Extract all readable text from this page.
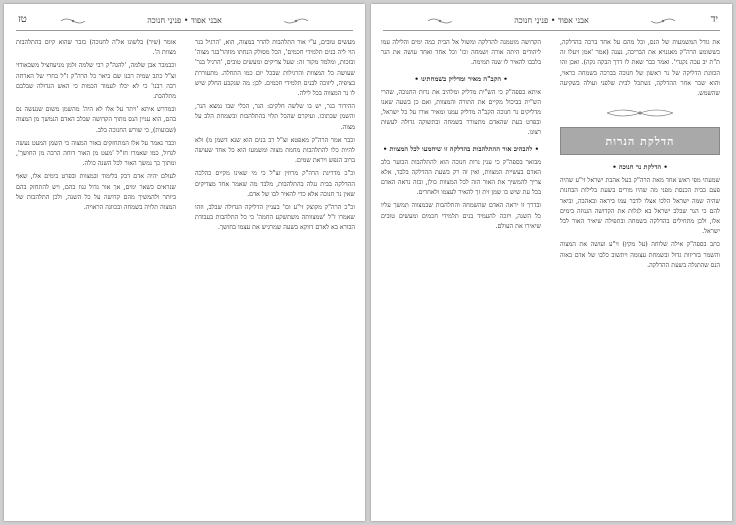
טז	אבני אפוד • פנינֵי חנוכה

מעשים טובים, ע"י אור התלהבות להדר במצוה, הוא, 'הרגיל בנר הוי ליה בנים תלמידי חכמים', הכל מסולק הנחתו מזוהר'בגר מצוה' ובזכות, ומלמד מקור זה: שעל צדיקים ומעשים טובים, 'הרגיל בנר' שעושה כל המצוות והרגילות שבכל יום כמו התחלה. מתעוררת בציפיה, ליזוכה לבנים תלמידי חכמים. לכן: מה שנקבע החלק שיש לו נר המצווה בכל לילה.

ההידור בנר, יש בו שלשה חלקים: הנר, הכלי שבו נמצא הנר, והשמן שבתוכו. ועיקרם שהכל תלוי בהתלהבות ובשמחת הלב על מצוה.

וכבר אמר הרה"ק מאפטא זצ"ל רב בנים הוא שנא דשמן מ) ולא להיות כלו להתלהבות מחמת מצוה ומשמעו הוא כל אחד שעושה ברוב הנפש ויראת שמים.

וכ"כ מדריגת הרה"ק מרוזין זצ"ל כי מי שאינו מקיים כהלכה ההדלקה בבית נגלה בהתלהבות, מלבד מה שאמר אחד מצדיקים שאין נר חנוכה אלא כדי להאיר לבו של אדם.

וכ"כ הרה"ק מקוצק זי"ע וכו' בעניין הדליקה הגדולה שבלב, וזהו שאמרו ז"ל 'שמצוותה משתשקע החמה' כי כל התלהבות בעבודת הבורא בא לאדם דווקא בשעה שמרגיש את עצמו בחושך.

אומר (שיר) בלשונו אל'ה לחנוכה) כזבר שהוא קיום בהתלהבות מצוות ה'.

וכבמבר אבן שלמה, 'להגה"ק רבי שלמה זלמן מניעחציל משכאודזי זצ"ל כתב שמיה רבנו שם ביאר כל הרה"ק ז"ל בחרי של הארחה רבה רבנו' כי לא יכלו לעמוד הכמות כי האש הגדולה שבלבם מתלהבת.

ובמדרש איתא 'ויתר על אלו לא היה' מהשמן משום שנעשה נס בהם, הוא עניין הנס מתוך הקדושה שבלב האדם הנמשך מן המצוה (שבועות), כי שורש החנוכה בלב.

וכבר נאמר על אלו המתחזקים באור המצוה כי השמן המעט נעשה לגדול, כמו שאמרו חז"ל 'מעט מן האור דוחה הרבה מן החושך', ומתוך כך נמשך האור לכל השנה כולה.

לעולם יהיה אדם דבק בלימוד ובמצוות ובפרט בימים אלו, שאף שנראים כשאר ימים, אך אור גדול גנוז בהם, ויש להתחזק בהם ביותר ולהמשיך מהם קדושה על כל השנה, ולכן התלהבות של המצוה תלויה בשמחה ובכוונה הראויה.

יד
אבני אפוד • פנינֵי חנוכה

את גודל המשמעות של הנס, וכל מהם על אחד ברכה בהדלקה, כששומע הרה"ק מאגנויא את הבריכה, נענה (אמר 'אמן ויעלו זה ת"ת יב עכה נקגדי'. ואמר כבר שאת לו דרך הבקה נקה). ואכן זהו הכוונת הדליקה של נר ראשון של חנוכה בברכה בשמחה כראוי, והוא שכר אחר ההדלקה, נשתכל לבית שלפני ועולה בשקיעה שהשמש.

הדלקת הנרות
• הדלקת נר חנוכה •

שמעתי מפי ראש אחד מאת הרה"ק בעל אהבת ישראל זי"ע שהיה פעם בבית הכנסת מפני מה שהיו מורים בשעת בלילות הבחנות שהיה שמה ישראל הלכו אצלו לדבר עמו ביראה ובאהבה, וביאר להם כי הנר שבלב ישראל בא לגלות את הקדושה הגנוזה בימים אלו, ולכן מתחילים בהדלקה בשמחה ובתפילה שיאיר האור לכל ישראל.

כתב בספה"ק אילה שלוחה (על מקץ) זי"ע ועושה את המצוה והשמר בזריזות גדול ובשמחת עצומה ויתשוב כלבו של אדם באוה הנס שהתגלה בשעת ההדלקה.

הקדושה מוטמנה להדלקה ומשול אל הבית כמה ימים והלילה עמו ליהודים היתה אורה ושמחה וכו' וכל אחד ואחד עושה את הנר בלבבו להאיר לו שנה תמימה.

• הקב"ה מאיר ומדליק בשמחתינו •

איתא בספה"ק כי הש"ית מדליק ומלהיב את נרות החנוכה, שהרי הש"ית בביכול מקיים את התורה והמצוות, ואם כן בשעה שאנו מדליקים נר חנוכה הקב"ה מדליק עמנו ומאיר אורו על כל ישראל, ובפרט בעת שהאדם מתעורר בשמחה ובתשוקה גדולה לעשות רצונו.

• להבהיב אור ההתלהבות בהדלקה זו שיחמעו לכל המצוות •

מבואר בספה"ק כי ענין נרות חנוכה הוא להתלהבות הבוער בלב האדם בעשיית המצוות, ואין זה רק בשעת ההדלקה בלבד, אלא צריך להמשיך את האור הזה לכל המצוות כולן, ובזה נראה האדם בכל עת שיש בו שמן זית זך להאיר לעצמו ולאחרים.

ובדרך זו יראה האדם שהשמחה והתלהבות שבמצווה תמשך עליו כל השנה, ויזכה להעמיד בנים תלמידי חכמים ומעשים טובים שיאירו את העולם.
